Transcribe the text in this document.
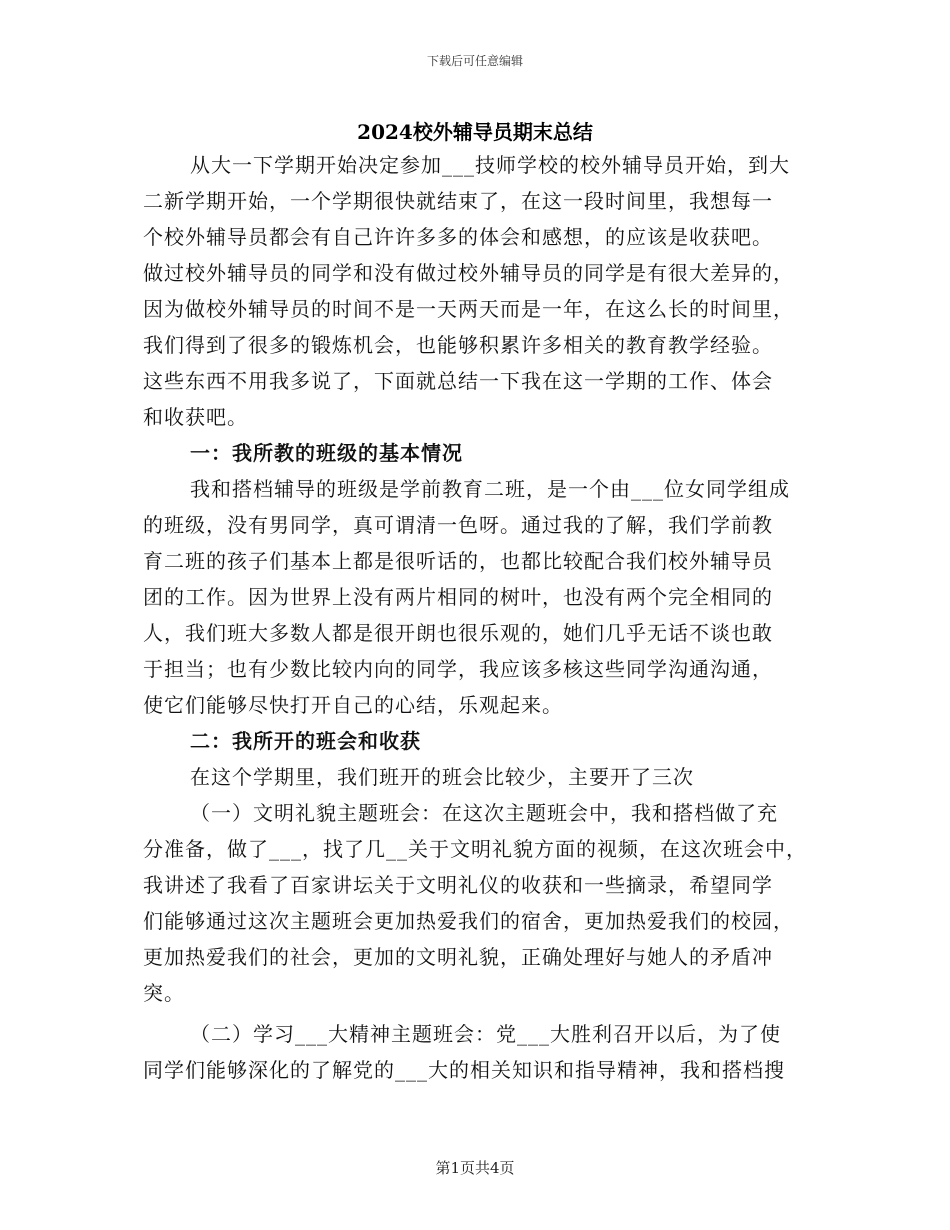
下载后可任意编辑
2024校外辅导员期末总结
从大一下学期开始决定参加___技师学校的校外辅导员开始，到大
二新学期开始，一个学期很快就结束了，在这一段时间里，我想每一
个校外辅导员都会有自己许许多多的体会和感想，的应该是收获吧。
做过校外辅导员的同学和没有做过校外辅导员的同学是有很大差异的，
因为做校外辅导员的时间不是一天两天而是一年，在这么长的时间里，
我们得到了很多的锻炼机会，也能够积累许多相关的教育教学经验。
这些东西不用我多说了，下面就总结一下我在这一学期的工作、体会
和收获吧。
一：我所教的班级的基本情况
我和搭档辅导的班级是学前教育二班，是一个由___位女同学组成
的班级，没有男同学，真可谓清一色呀。通过我的了解，我们学前教
育二班的孩子们基本上都是很听话的，也都比较配合我们校外辅导员
团的工作。因为世界上没有两片相同的树叶，也没有两个完全相同的
人，我们班大多数人都是很开朗也很乐观的，她们几乎无话不谈也敢
于担当；也有少数比较内向的同学，我应该多核这些同学沟通沟通，
使它们能够尽快打开自己的心结，乐观起来。
二：我所开的班会和收获
在这个学期里，我们班开的班会比较少，主要开了三次
（一）文明礼貌主题班会：在这次主题班会中，我和搭档做了充
分准备，做了___，找了几__关于文明礼貌方面的视频，在这次班会中，
我讲述了我看了百家讲坛关于文明礼仪的收获和一些摘录，希望同学
们能够通过这次主题班会更加热爱我们的宿舍，更加热爱我们的校园，
更加热爱我们的社会，更加的文明礼貌，正确处理好与她人的矛盾冲
突。
（二）学习___大精神主题班会：党___大胜利召开以后，为了使
同学们能够深化的了解党的___大的相关知识和指导精神，我和搭档搜
第1页共4页
